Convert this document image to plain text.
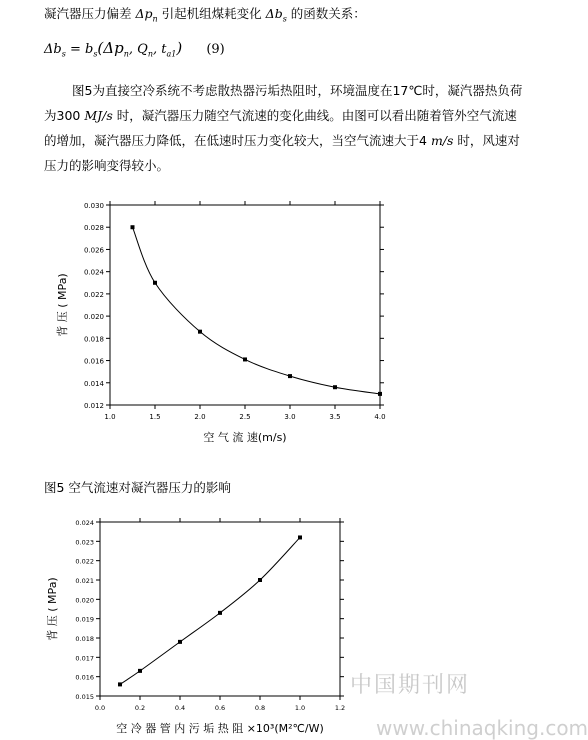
凝汽器压力偏差 $\Delta p_n$ 引起机组煤耗变化 $\Delta b_s$ 的函数关系：
$\Delta b_s = b_s(\Delta p_n$, $Q_n$, $t_{a1}$) (9)
图5为直接空冷系统不考虑散热器污垢热阻时，环境温度在17℃时，凝汽器热负荷
为300 MJ/s 时，凝汽器压力随空气流速的变化曲线。由图可以看出随着管外空气流速
的增加，凝汽器压力降低，在低速时压力变化较大，当空气流速大于4 m/s 时，风速对
压力的影响变得较小。
1.0	1.5	2.0	2.5	3.0	3.5	4.0
0.012
0.014
0.016
0.018
0.020
0.022
0.024
0.026
0.028
0.030
空 气 流 速(m/s)
背 压 ( MPa)
图5 空气流速对凝汽器压力的影响
0.0	0.2	0.4	0.6	0.8	1.0	1.2
0.015
0.016
0.017
0.018
0.019
0.020
0.021
0.022
0.023
0.024
空 冷 器 管 内 污 垢 热 阻 ×10³(M²℃/W)
背 压 ( MPa)
中国期刊网
www.chinaqking.com
